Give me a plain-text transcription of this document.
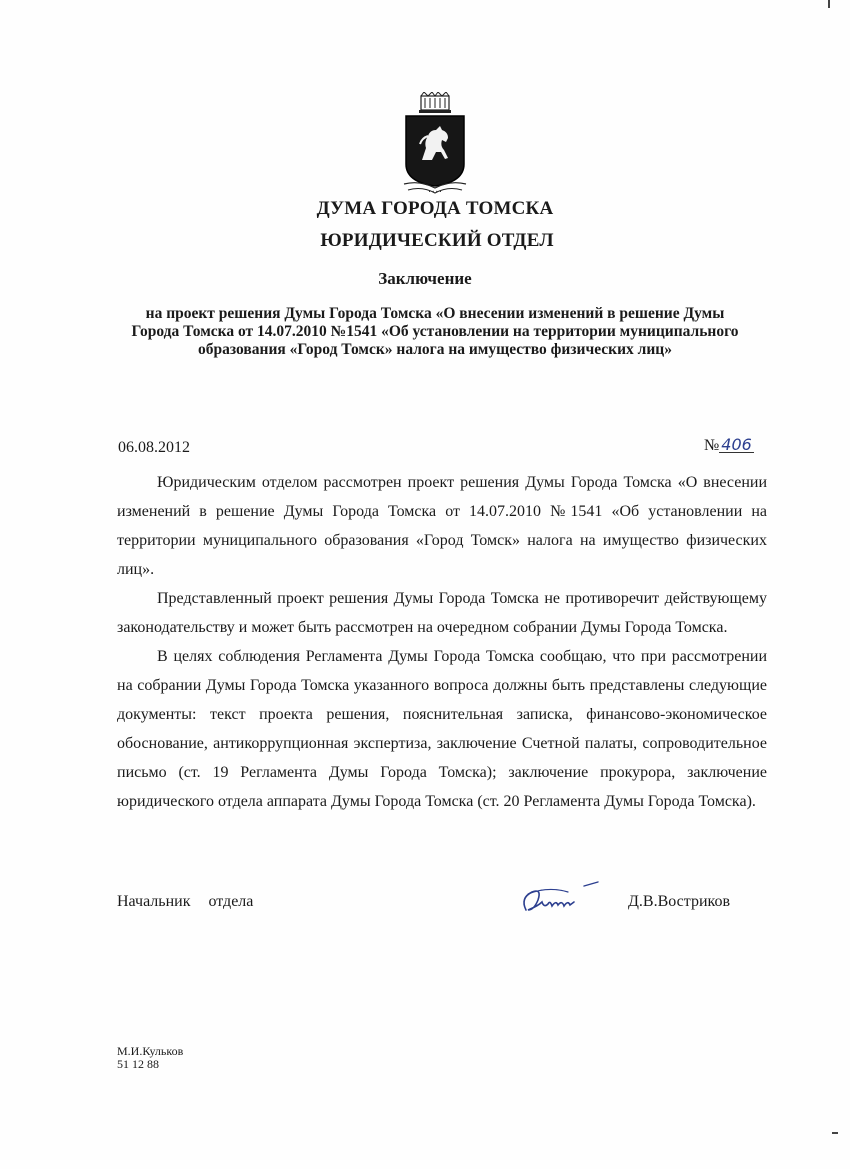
• • • •
ДУМА ГОРОДА ТОМСКА
ЮРИДИЧЕСКИЙ ОТДЕЛ
Заключение
на проект решения Думы Города Томска «О внесении изменений в решение Думы Города Томска от 14.07.2010 №1541 «Об установлении на территории муниципального образования «Город Томск» налога на имущество физических лиц»
06.08.2012	№ 406

Юридическим отделом рассмотрен проект решения Думы Города Томска «О внесении изменений в решение Думы Города Томска от 14.07.2010 №1541 «Об установлении на территории муниципального образования «Город Томск» налога на имущество физических лиц».

Представленный проект решения Думы Города Томска не противоречит действующему законодательству и может быть рассмотрен на очередном собрании Думы Города Томска.

В целях соблюдения Регламента Думы Города Томска сообщаю, что при рассмотрении на собрании Думы Города Томска указанного вопроса должны быть представлены следующие документы: текст проекта решения, пояснительная записка, финансово-экономическое обоснование, антикоррупционная экспертиза, заключение Счетной палаты, сопроводительное письмо (ст. 19 Регламента Думы Города Томска); заключение прокурора, заключение юридического отдела аппарата Думы Города Томска (ст. 20 Регламента Думы Города Томска).

Начальник отдела	Д.В.Востриков
М.И.Кульков
51 12 88
